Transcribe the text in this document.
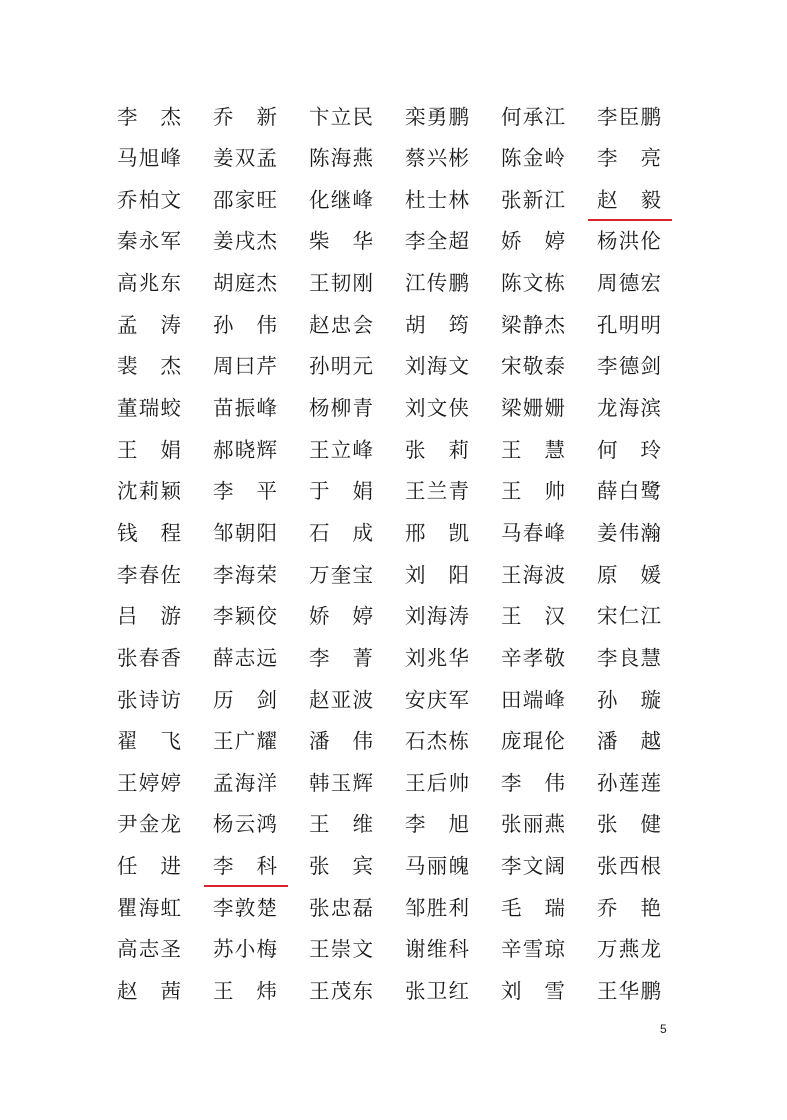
李 杰 乔 新 卞 立 民 栾 勇 鹏 何 承 江 李 臣 鹏
马 旭 峰 姜 双 孟 陈 海 燕 蔡 兴 彬 陈 金 岭 李 亮
乔 柏 文 邵 家 旺 化 继 峰 杜 士 林 张 新 江 赵 毅
秦 永 军 姜 戌 杰 柴 华 李 全 超 娇 婷 杨 洪 伦
高 兆 东 胡 庭 杰 王 韧 刚 江 传 鹏 陈 文 栋 周 德 宏
孟 涛 孙 伟 赵 忠 会 胡 筠 梁 静 杰 孔 明 明
裴 杰 周 曰 芹 孙 明 元 刘 海 文 宋 敬 泰 李 德 剑
董 瑞 蛟 苗 振 峰 杨 柳 青 刘 文 侠 梁 姗 姗 龙 海 滨
王 娟 郝 晓 辉 王 立 峰 张 莉 王 慧 何 玲
沈 莉 颖 李 平 于 娟 王 兰 青 王 帅 薛 白 鹭
钱 程 邹 朝 阳 石 成 邢 凯 马 春 峰 姜 伟 瀚
李 春 佐 李 海 荣 万 奎 宝 刘 阳 王 海 波 原 媛
吕 游 李 颖 佼 娇 婷 刘 海 涛 王 汉 宋 仁 江
张 春 香 薛 志 远 李 菁 刘 兆 华 辛 孝 敬 李 良 慧
张 诗 访 历 剑 赵 亚 波 安 庆 军 田 端 峰 孙 璇
翟 飞 王 广 耀 潘 伟 石 杰 栋 庞 琨 伦 潘 越
王 婷 婷 孟 海 洋 韩 玉 辉 王 后 帅 李 伟 孙 莲 莲
尹 金 龙 杨 云 鸿 王 维 李 旭 张 丽 燕 张 健
任 进 李 科 张 宾 马 丽 魄 李 文 阔 张 西 根
瞿 海 虹 李 敦 楚 张 忠 磊 邹 胜 利 毛 瑞 乔 艳
高 志 圣 苏 小 梅 王 崇 文 谢 维 科 辛 雪 琼 万 燕 龙
赵 茜 王 炜 王 茂 东 张 卫 红 刘 雪 王 华 鹏
5
